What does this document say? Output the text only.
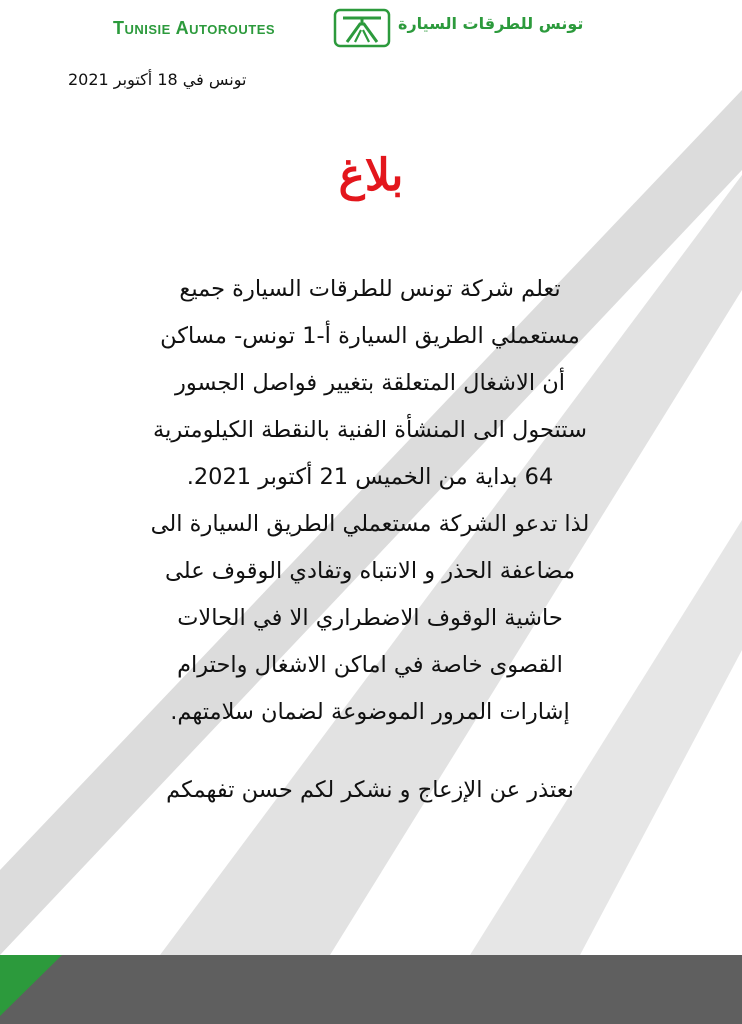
Tunisie Autoroutes	تونس للطرقات السيارة
تونس في 18 أكتوبر 2021
بلاغ
تعلم شركة تونس للطرقات السيارة جميع
مستعملي الطريق السيارة أ-1 تونس- مساكن
أن الاشغال المتعلقة بتغيير فواصل الجسور
ستتحول الى المنشأة الفنية بالنقطة الكيلومترية
64 بداية من الخميس 21 أكتوبر 2021.
لذا تدعو الشركة مستعملي الطريق السيارة الى
مضاعفة الحذر و الانتباه وتفادي الوقوف على
حاشية الوقوف الاضطراري الا في الحالات
القصوى خاصة في اماكن الاشغال واحترام
إشارات المرور الموضوعة لضمان سلامتهم.
نعتذر عن الإزعاج و نشكر لكم حسن تفهمكم
